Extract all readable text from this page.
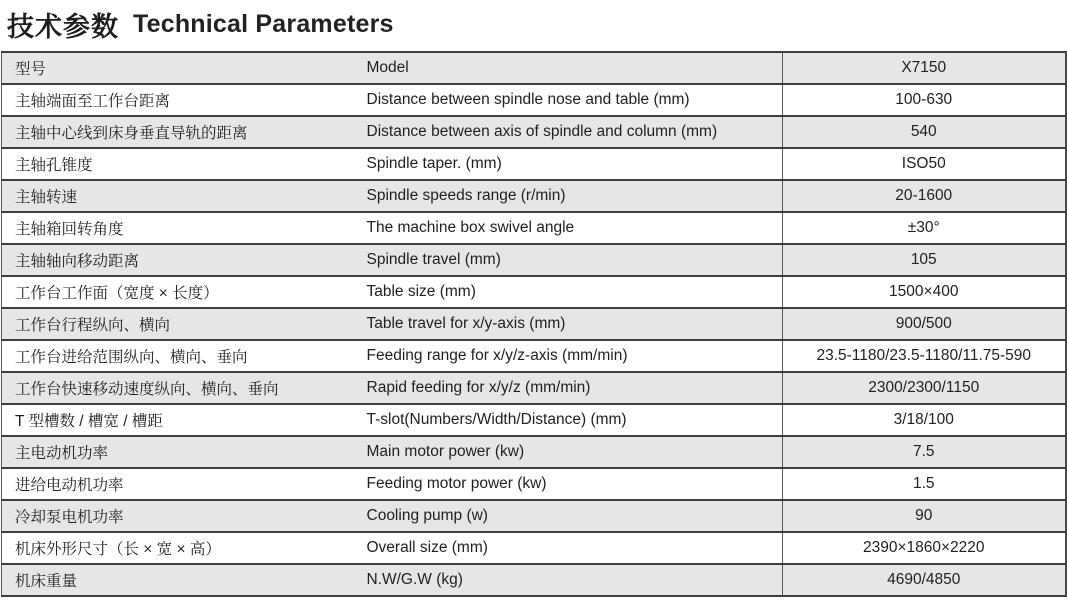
技术参数 Technical Parameters
型号	Model	X7150
主轴端面至工作台距离	Distance between spindle nose and table (mm)	100-630
主轴中心线到床身垂直导轨的距离	Distance between axis of spindle and column (mm)	540
主轴孔锥度	Spindle taper. (mm)	ISO50
主轴转速	Spindle speeds range (r/min)	20-1600
主轴箱回转角度	The machine box swivel angle	±30°
主轴轴向移动距离	Spindle travel (mm)	105
工作台工作面（宽度 × 长度）	Table size (mm)	1500×400
工作台行程纵向、横向	Table travel for x/y-axis (mm)	900/500
工作台进给范围纵向、横向、垂向	Feeding range for x/y/z-axis (mm/min)	23.5-1180/23.5-1180/11.75-590
工作台快速移动速度纵向、横向、垂向	Rapid feeding for x/y/z (mm/min)	2300/2300/1150
T 型槽数 / 槽宽 / 槽距	T-slot(Numbers/Width/Distance) (mm)	3/18/100
主电动机功率	Main motor power (kw)	7.5
进给电动机功率	Feeding motor power (kw)	1.5
冷却泵电机功率	Cooling pump (w)	90
机床外形尺寸（长 × 宽 × 高）	Overall size (mm)	2390×1860×2220
机床重量	N.W/G.W (kg)	4690/4850
